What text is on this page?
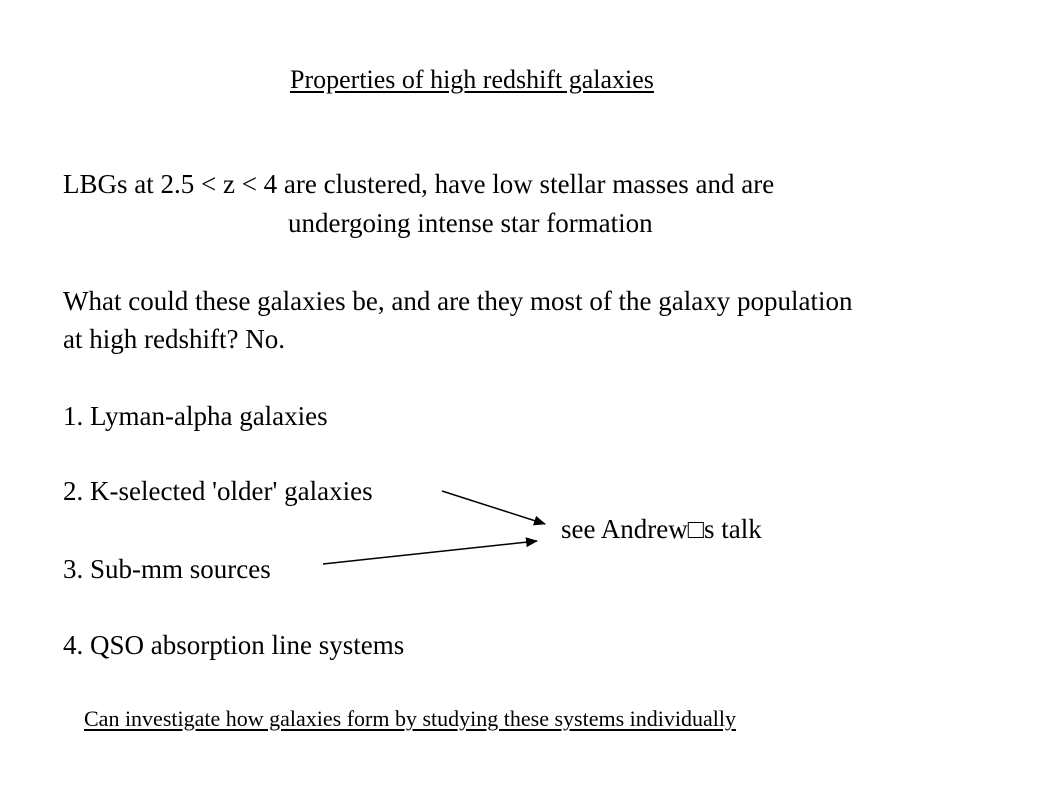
Properties of high redshift galaxies
LBGs at 2.5 < z < 4 are clustered, have low stellar masses and are
undergoing intense star formation
What could these galaxies be, and are they most of the galaxy population
at high redshift? No.
1. Lyman-alpha galaxies
2. K-selected 'older' galaxies
3. Sub-mm sources
4. QSO absorption line systems
see Andrew□s talk
Can investigate how galaxies form by studying these systems individually
